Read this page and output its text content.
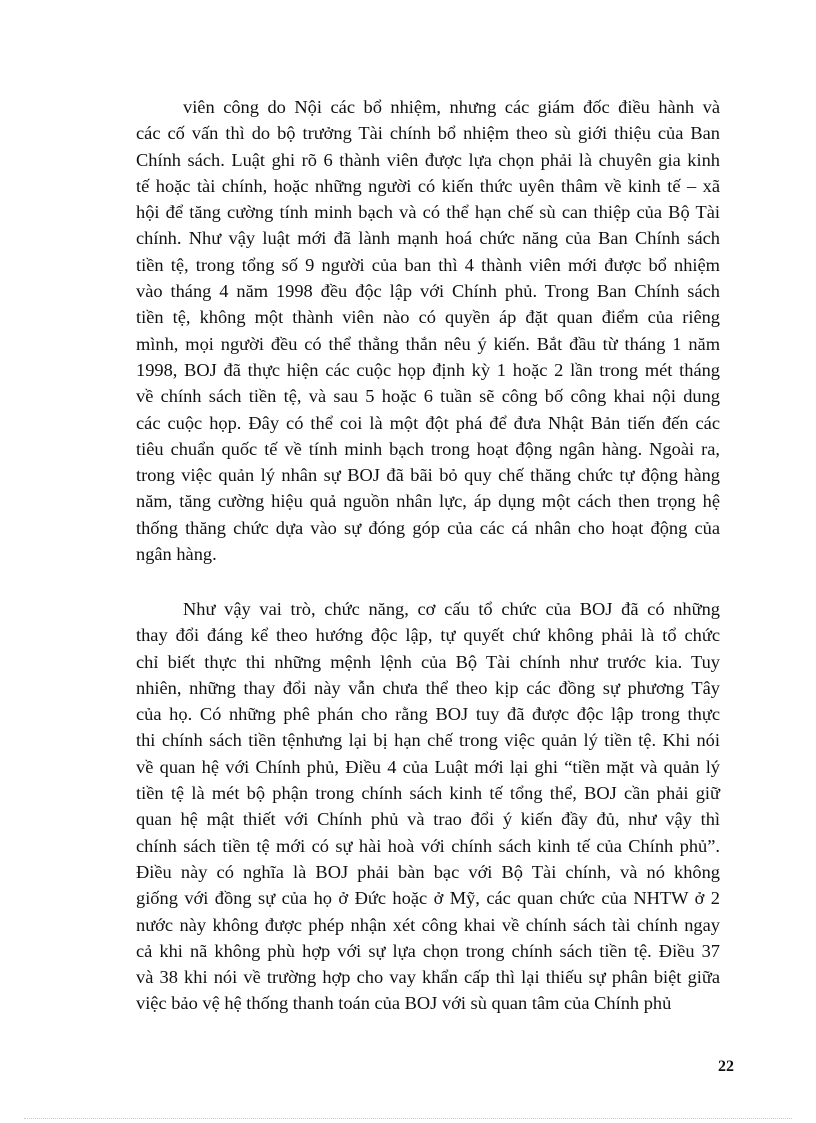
viên công do Nội các bổ nhiệm, nhưng các giám đốc điều hành và
các cố vấn thì do bộ trưởng Tài chính bổ nhiệm theo sù giới thiệu của Ban
Chính sách. Luật ghi rõ 6 thành viên được lựa chọn phải là chuyên gia kinh
tế hoặc tài chính, hoặc những người có kiến thức uyên thâm về kinh tế – xã
hội để tăng cường tính minh bạch và có thể hạn chế sù can thiệp của Bộ Tài
chính. Như vậy luật mới đã lành mạnh hoá chức năng của Ban Chính sách
tiền tệ, trong tổng số 9 người của ban thì 4 thành viên mới được bổ nhiệm
vào tháng 4 năm 1998 đều độc lập với Chính phủ. Trong Ban Chính sách
tiền tệ, không một thành viên nào có quyền áp đặt quan điểm của riêng
mình, mọi người đều có thể thẳng thắn nêu ý kiến. Bắt đầu từ tháng 1 năm
1998, BOJ đã thực hiện các cuộc họp định kỳ 1 hoặc 2 lần trong mét tháng
về chính sách tiền tệ, và sau 5 hoặc 6 tuần sẽ công bố công khai nội dung
các cuộc họp. Đây có thể coi là một đột phá để đưa Nhật Bản tiến đến các
tiêu chuẩn quốc tế về tính minh bạch trong hoạt động ngân hàng. Ngoài ra,
trong việc quản lý nhân sự BOJ đã bãi bỏ quy chế thăng chức tự động hàng
năm, tăng cường hiệu quả nguồn nhân lực, áp dụng một cách then trọng hệ
thống thăng chức dựa vào sự đóng góp của các cá nhân cho hoạt động của
ngân hàng.
Như vậy vai trò, chức năng, cơ cấu tổ chức của BOJ đã có những
thay đổi đáng kể theo hướng độc lập, tự quyết chứ không phải là tổ chức
chỉ biết thực thi những mệnh lệnh của Bộ Tài chính như trước kia. Tuy
nhiên, những thay đổi này vẫn chưa thể theo kịp các đồng sự phương Tây
của họ. Có những phê phán cho rằng BOJ tuy đã được độc lập trong thực
thi chính sách tiền tệnhưng lại bị hạn chế trong việc quản lý tiền tệ. Khi nói
về quan hệ với Chính phủ, Điều 4 của Luật mới lại ghi “tiền mặt và quản lý
tiền tệ là mét bộ phận trong chính sách kinh tế tổng thể, BOJ cần phải giữ
quan hệ mật thiết với Chính phủ và trao đổi ý kiến đầy đủ, như vậy thì
chính sách tiền tệ mới có sự hài hoà với chính sách kinh tế của Chính phủ”.
Điều này có nghĩa là BOJ phải bàn bạc với Bộ Tài chính, và nó không
giống với đồng sự của họ ở Đức hoặc ở Mỹ, các quan chức của NHTW ở 2
nước này không được phép nhận xét công khai về chính sách tài chính ngay
cả khi nã không phù hợp với sự lựa chọn trong chính sách tiền tệ. Điều 37
và 38 khi nói về trường hợp cho vay khẩn cấp thì lại thiếu sự phân biệt giữa
việc bảo vệ hệ thống thanh toán của BOJ với sù quan tâm của Chính phủ
22
